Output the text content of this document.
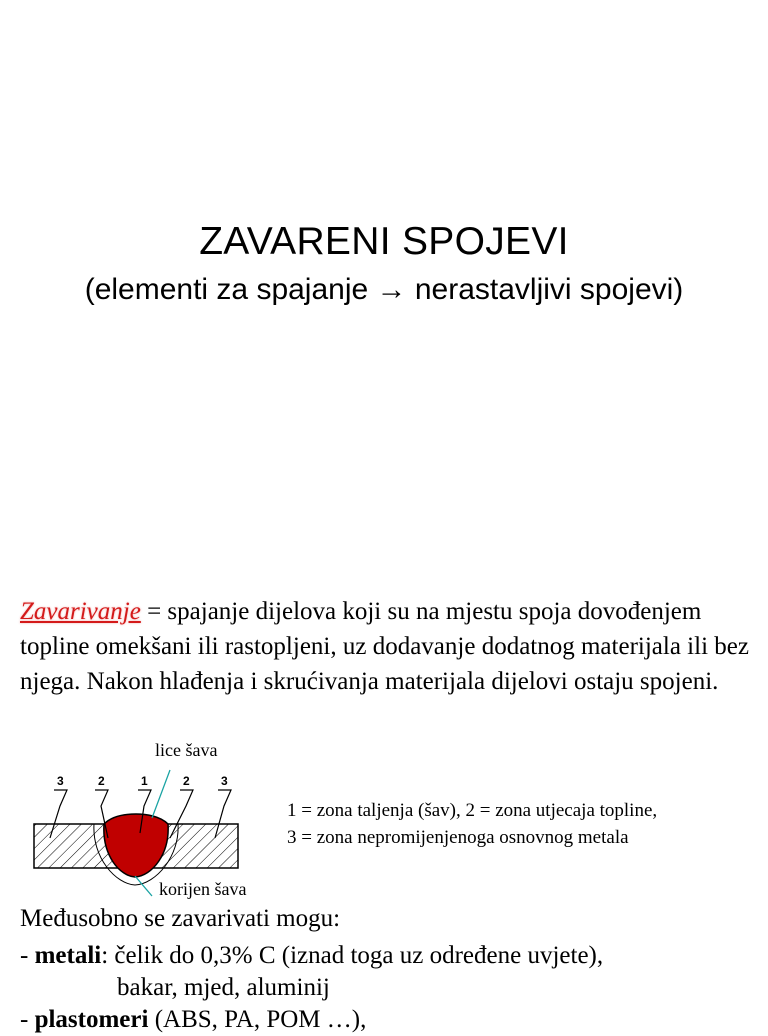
ZAVARENI SPOJEVI
(elementi za spajanje → nerastavljivi spojevi)
Zavarivanje = spajanje dijelova koji su na mjestu spoja dovođenjem topline omekšani ili rastopljeni, uz dodavanje dodatnog materijala ili bez njega. Nakon hlađenja i skrućivanja materijala dijelovi ostaju spojeni.
lice šava
3	2	1	2	3
korijen šava
1 = zona taljenja (šav), 2 = zona utjecaja topline,
3 = zona nepromijenjenoga osnovnog metala
Međusobno se zavarivati mogu:
- metali: čelik do 0,3% C (iznad toga uz određene uvjete),
bakar, mjed, aluminij
- plastomeri (ABS, PA, POM …),
